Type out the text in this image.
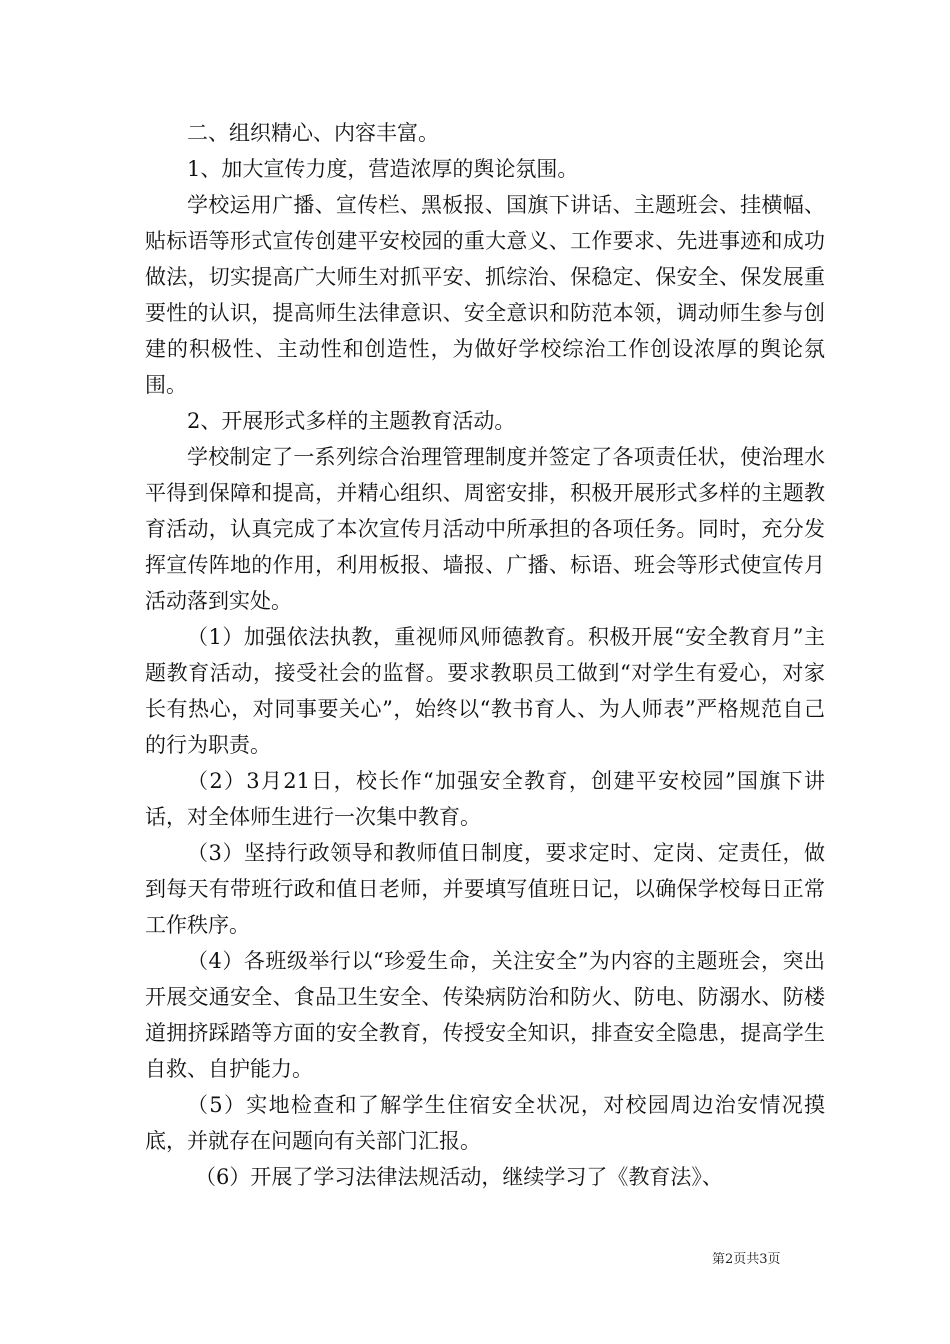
二、组织精心、内容丰富。

1、加大宣传力度，营造浓厚的舆论氛围。

学校运用广播、宣传栏、黑板报、国旗下讲话、主题班会、挂横幅、贴标语等形式宣传创建平安校园的重大意义、工作要求、先进事迹和成功做法，切实提高广大师生对抓平安、抓综治、保稳定、保安全、保发展重要性的认识，提高师生法律意识、安全意识和防范本领，调动师生参与创建的积极性、主动性和创造性，为做好学校综治工作创设浓厚的舆论氛围。

2、开展形式多样的主题教育活动。

学校制定了一系列综合治理管理制度并签定了各项责任状，使治理水平得到保障和提高，并精心组织、周密安排，积极开展形式多样的主题教育活动，认真完成了本次宣传月活动中所承担的各项任务。同时，充分发挥宣传阵地的作用，利用板报、墙报、广播、标语、班会等形式使宣传月活动落到实处。

（1）加强依法执教，重视师风师德教育。积极开展“安全教育月”主题教育活动，接受社会的监督。要求教职员工做到“对学生有爱心，对家长有热心，对同事要关心”，始终以“教书育人、为人师表”严格规范自己的行为职责。

（2）3月21日，校长作“加强安全教育，创建平安校园”国旗下讲话，对全体师生进行一次集中教育。

（3）坚持行政领导和教师值日制度，要求定时、定岗、定责任，做到每天有带班行政和值日老师，并要填写值班日记，以确保学校每日正常工作秩序。

（4）各班级举行以“珍爱生命，关注安全”为内容的主题班会，突出开展交通安全、食品卫生安全、传染病防治和防火、防电、防溺水、防楼道拥挤踩踏等方面的安全教育，传授安全知识，排查安全隐患，提高学生自救、自护能力。

（5）实地检查和了解学生住宿安全状况，对校园周边治安情况摸底，并就存在问题向有关部门汇报。

（6）开展了学习法律法规活动，继续学习了《教育法》、

第2页共3页
